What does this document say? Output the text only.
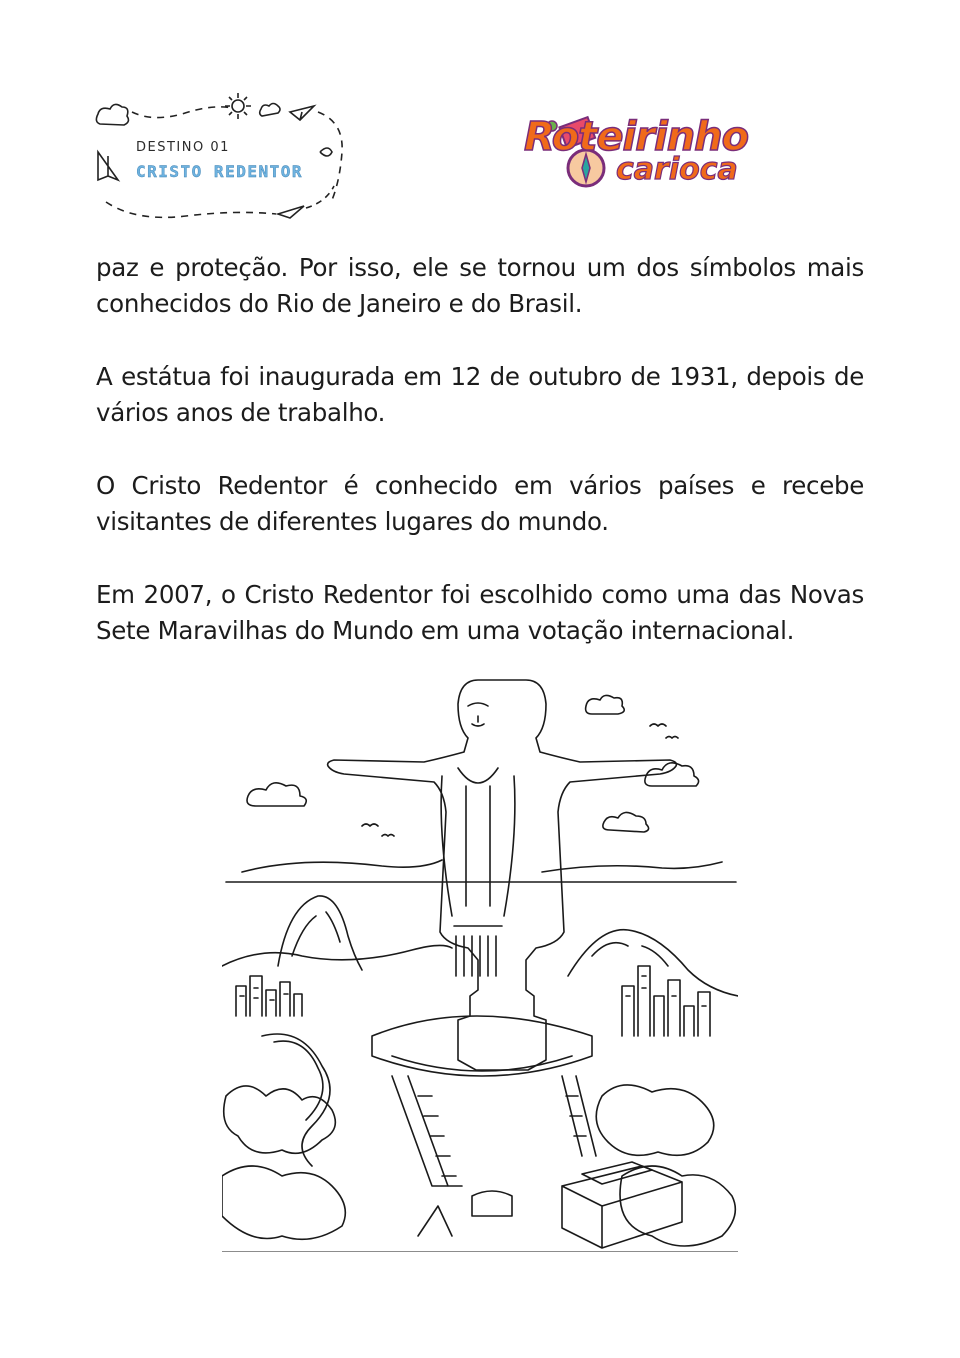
DESTINO 01
CRISTO REDENTOR
Roteirinho
carioca

paz e proteção. Por isso, ele se tornou um dos símbolos mais conhecidos do Rio de Janeiro e do Brasil.

A estátua foi inaugurada em 12 de outubro de 1931, depois de vários anos de trabalho.

O Cristo Redentor é conhecido em vários países e recebe visitantes de diferentes lugares do mundo.

Em 2007, o Cristo Redentor foi escolhido como uma das Novas Sete Maravilhas do Mundo em uma votação internacional.
